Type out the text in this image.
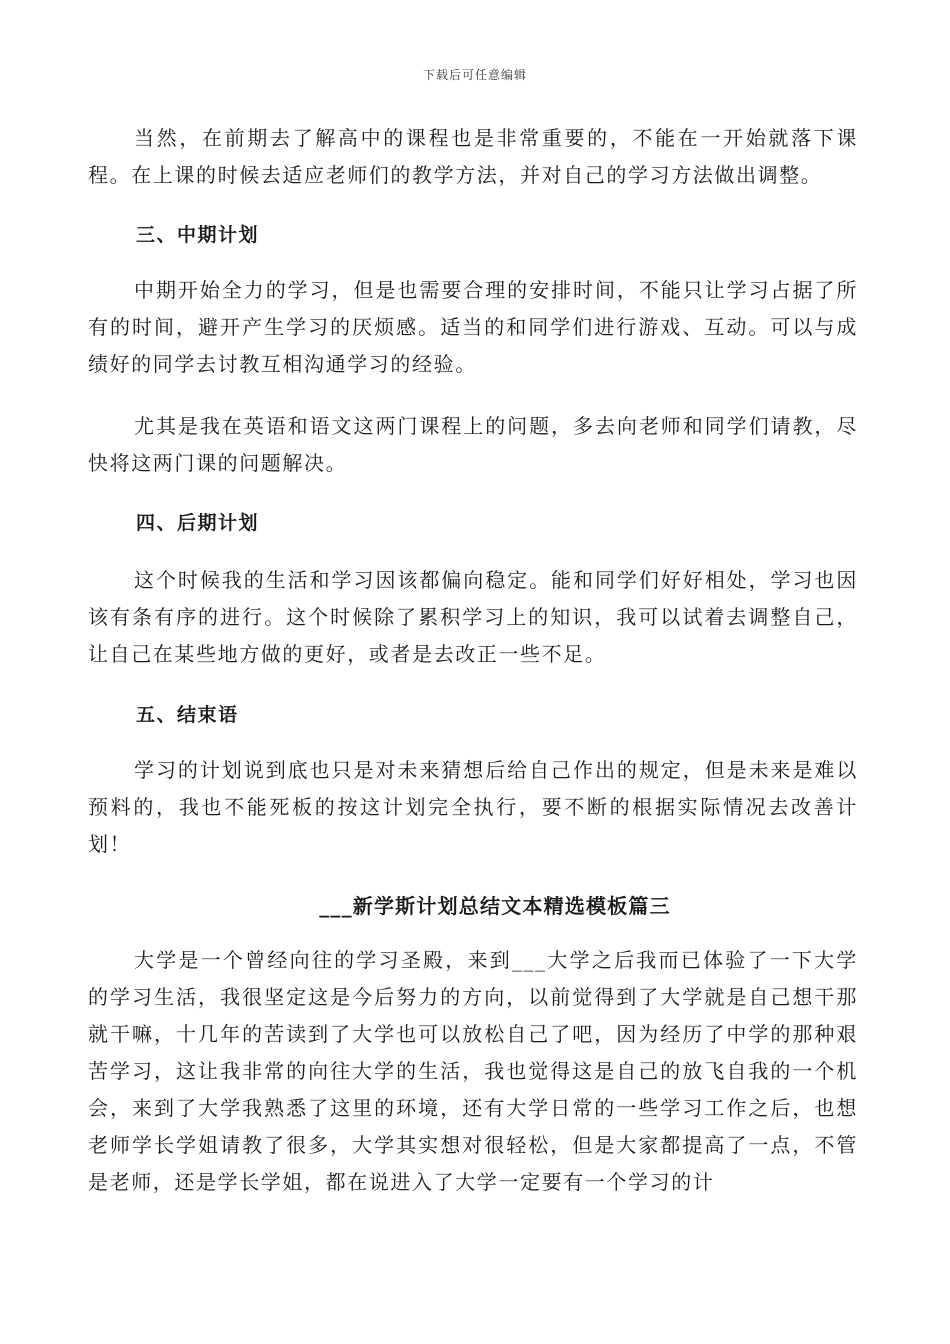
下载后可任意编辑

当然，在前期去了解高中的课程也是非常重要的，不能在一开始就落下课程。在上课的时候去适应老师们的教学方法，并对自己的学习方法做出调整。

三、中期计划

中期开始全力的学习，但是也需要合理的安排时间，不能只让学习占据了所有的时间，避开产生学习的厌烦感。适当的和同学们进行游戏、互动。可以与成绩好的同学去讨教互相沟通学习的经验。

尤其是我在英语和语文这两门课程上的问题，多去向老师和同学们请教，尽快将这两门课的问题解决。

四、后期计划

这个时候我的生活和学习因该都偏向稳定。能和同学们好好相处，学习也因该有条有序的进行。这个时候除了累积学习上的知识，我可以试着去调整自己，让自己在某些地方做的更好，或者是去改正一些不足。

五、结束语

学习的计划说到底也只是对未来猜想后给自己作出的规定，但是未来是难以预料的，我也不能死板的按这计划完全执行，要不断的根据实际情况去改善计划！

___新学斯计划总结文本精选模板篇三

大学是一个曾经向往的学习圣殿，来到___大学之后我而已体验了一下大学的学习生活，我很坚定这是今后努力的方向，以前觉得到了大学就是自己想干那就干嘛，十几年的苦读到了大学也可以放松自己了吧，因为经历了中学的那种艰苦学习，这让我非常的向往大学的生活，我也觉得这是自己的放飞自我的一个机会，来到了大学我熟悉了这里的环境，还有大学日常的一些学习工作之后，也想老师学长学姐请教了很多，大学其实想对很轻松，但是大家都提高了一点，不管是老师，还是学长学姐，都在说进入了大学一定要有一个学习的计
